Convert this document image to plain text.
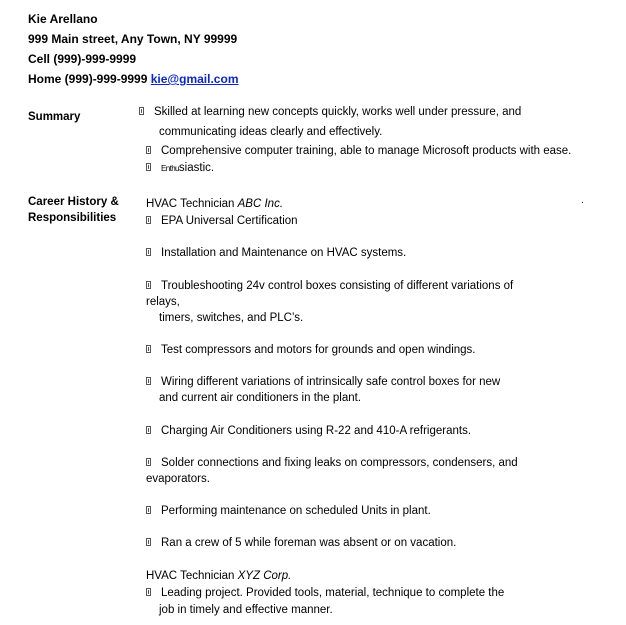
Kie Arellano
999 Main street, Any Town, NY 99999
Cell (999)-999-9999
Home (999)-999-9999 kie@gmail.com
Summary	Skilled at learning new concepts quickly, works well under pressure, and
communicating ideas clearly and effectively.
Comprehensive computer training, able to manage Microsoft products with ease.
Enthusiastic.
Career History &
Responsibilities
.
HVAC Technician ABC Inc.
EPA Universal Certification
Installation and Maintenance on HVAC systems.
Troubleshooting 24v control boxes consisting of different variations of
relays,
timers, switches, and PLC’s.
Test compressors and motors for grounds and open windings.
Wiring different variations of intrinsically safe control boxes for new
and current air conditioners in the plant.
Charging Air Conditioners using R-22 and 410-A refrigerants.
Solder connections and fixing leaks on compressors, condensers, and
evaporators.
Performing maintenance on scheduled Units in plant.
Ran a crew of 5 while foreman was absent or on vacation.
HVAC Technician XYZ Corp.
Leading project. Provided tools, material, technique to complete the
job in timely and effective manner.
